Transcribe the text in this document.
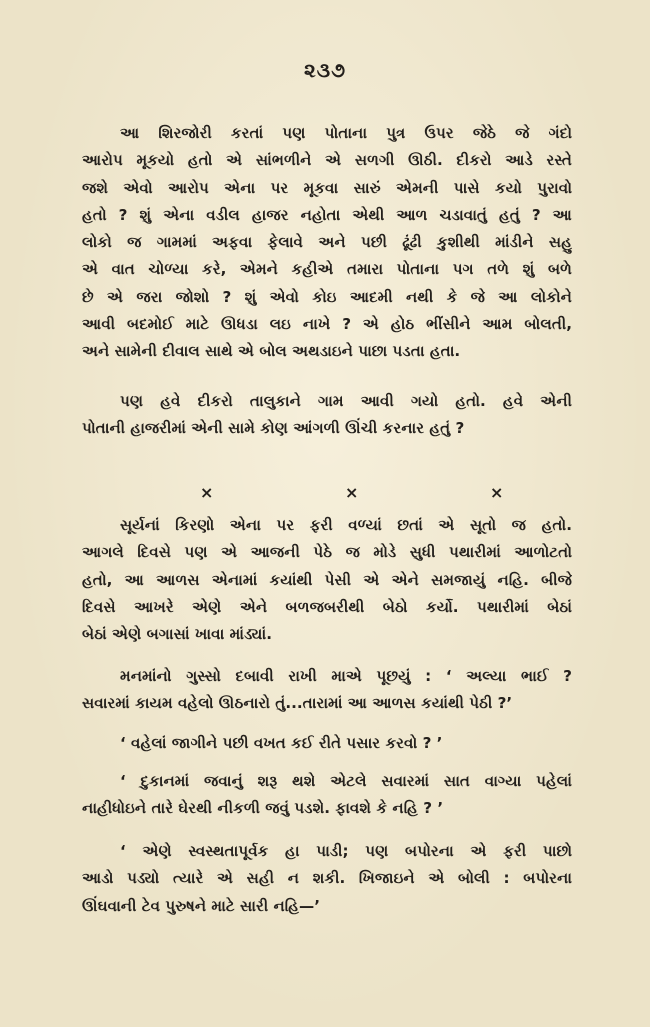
૨૩૭
આ શિરજોરી કરતાં પણ પોતાના પુત્ર ઉપર જેઠે જે ગંદો
આરોપ મૂકયો હતો એ સાંભળીને એ સળગી ઊઠી. દીકરો આડે રસ્તે
જશે એવો આરોપ એના પર મૂકવા સારું એમની પાસે કયો પુરાવો
હતો ? શું એના વડીલ હાજર નહોતા એથી આળ ચડાવાતું હતું ? આ
લોકો જ ગામમાં અફવા ફેલાવે અને પછી ઢૂંઢી કુશીથી માંડીને સહુ
એ વાત ચોળ્યા કરે, એમને કહીએ તમારા પોતાના પગ તળે શું બળે
છે એ જરા જોશો ? શું એવો કોઇ આદમી નથી કે જે આ લોકોને
આવી બદમોઈ માટે ઊધડા લઇ નાખે ? એ હોઠ ભીંસીને આમ બોલતી,
અને સામેની દીવાલ સાથે એ બોલ અથડાઇને પાછા પડતા હતા.
પણ હવે દીકરો તાલુકાને ગામ આવી ગયો હતો. હવે એની
પોતાની હાજરીમાં એની સામે કોણ આંગળી ઊંચી કરનાર હતું ?
×	×	×
સૂર્યનાં કિરણો એના પર ફરી વળ્યાં છતાં એ સૂતો જ હતો.
આગલે દિવસે પણ એ આજની પેઠે જ મોડે સુધી પથારીમાં આળોટતો
હતો, આ આળસ એનામાં કયાંથી પેસી એ એને સમજાયું નહિ. બીજે
દિવસે આખરે એણે એને બળજબરીથી બેઠો કર્યો. પથારીમાં બેઠાં
બેઠાં એણે બગાસાં ખાવા માંડ્યાં.
મનમાંનો ગુસ્સો દબાવી રાખી માએ પૂછયું : ‘ અલ્યા ભાઈ ?
સવારમાં કાયમ વહેલો ઊઠનારો તું...તારામાં આ આળસ કયાંથી પેઠી ?’
‘ વહેલાં જાગીને પછી વખત કઈ રીતે પસાર કરવો ? ’
‘ દુકાનમાં જવાનું શરૂ થશે એટલે સવારમાં સાત વાગ્યા પહેલાં
નાહીધોઇને તારે ઘેરથી નીકળી જવું પડશે. ફાવશે કે નહિ ? ’
‘ એણે સ્વસ્થતાપૂર્વક હા પાડી; પણ બપોરના એ ફરી પાછો
આડો પડ્યો ત્યારે એ સહી ન શકી. ખિજાઇને એ બોલી : બપોરના
ઊંઘવાની ટેવ પુરુષને માટે સારી નહિ—’
